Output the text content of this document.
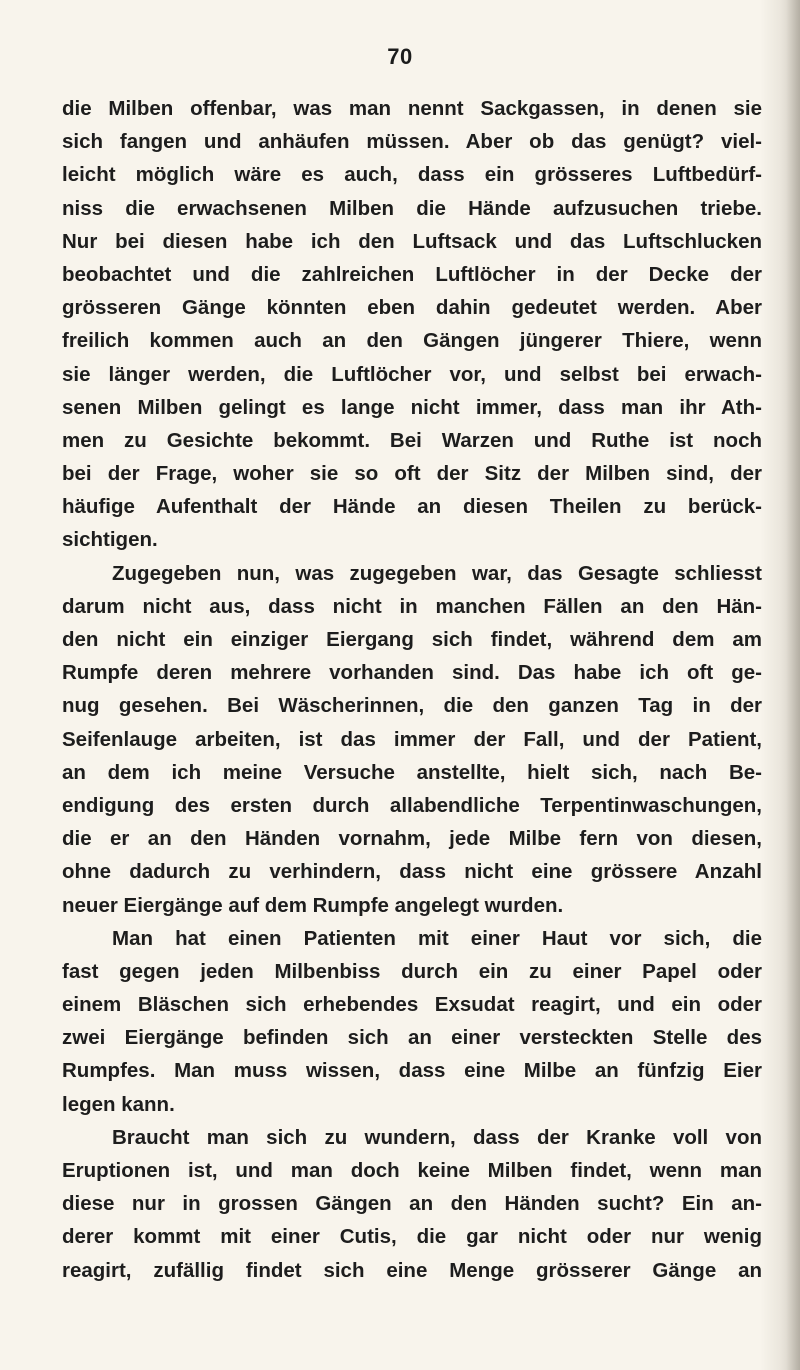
70
die Milben offenbar, was man nennt Sackgassen, in denen sie
sich fangen und anhäufen müssen. Aber ob das genügt? viel-
leicht möglich wäre es auch, dass ein grösseres Luftbedürf-
niss die erwachsenen Milben die Hände aufzusuchen triebe.
Nur bei diesen habe ich den Luftsack und das Luftschlucken
beobachtet und die zahlreichen Luftlöcher in der Decke der
grösseren Gänge könnten eben dahin gedeutet werden. Aber
freilich kommen auch an den Gängen jüngerer Thiere, wenn
sie länger werden, die Luftlöcher vor, und selbst bei erwach-
senen Milben gelingt es lange nicht immer, dass man ihr Ath-
men zu Gesichte bekommt. Bei Warzen und Ruthe ist noch
bei der Frage, woher sie so oft der Sitz der Milben sind, der
häufige Aufenthalt der Hände an diesen Theilen zu berück-
sichtigen.
Zugegeben nun, was zugegeben war, das Gesagte schliesst
darum nicht aus, dass nicht in manchen Fällen an den Hän-
den nicht ein einziger Eiergang sich findet, während dem am
Rumpfe deren mehrere vorhanden sind. Das habe ich oft ge-
nug gesehen. Bei Wäscherinnen, die den ganzen Tag in der
Seifenlauge arbeiten, ist das immer der Fall, und der Patient,
an dem ich meine Versuche anstellte, hielt sich, nach Be-
endigung des ersten durch allabendliche Terpentinwaschungen,
die er an den Händen vornahm, jede Milbe fern von diesen,
ohne dadurch zu verhindern, dass nicht eine grössere Anzahl
neuer Eiergänge auf dem Rumpfe angelegt wurden.
Man hat einen Patienten mit einer Haut vor sich, die
fast gegen jeden Milbenbiss durch ein zu einer Papel oder
einem Bläschen sich erhebendes Exsudat reagirt, und ein oder
zwei Eiergänge befinden sich an einer versteckten Stelle des
Rumpfes. Man muss wissen, dass eine Milbe an fünfzig Eier
legen kann.
Braucht man sich zu wundern, dass der Kranke voll von
Eruptionen ist, und man doch keine Milben findet, wenn man
diese nur in grossen Gängen an den Händen sucht? Ein an-
derer kommt mit einer Cutis, die gar nicht oder nur wenig
reagirt, zufällig findet sich eine Menge grösserer Gänge an
